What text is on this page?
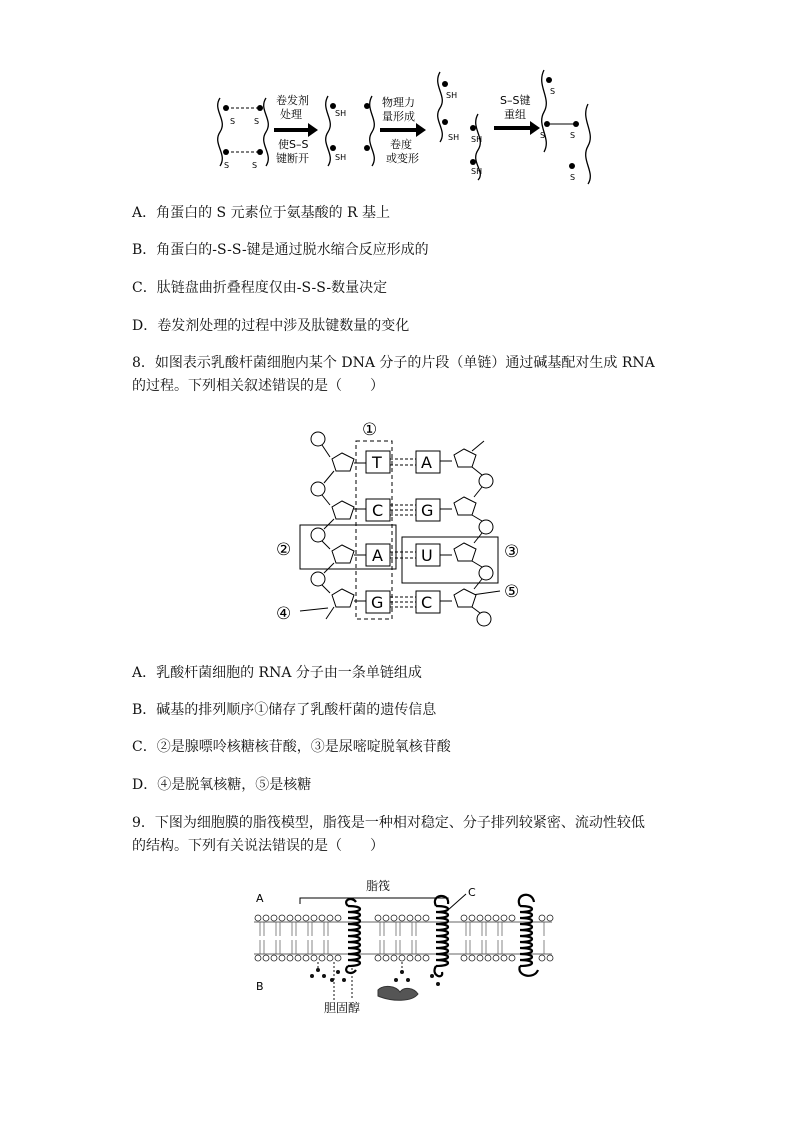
S S
S	S
卷发剂
处理
使S–S
键断开
SH
SH
物理力
量形成
卷度
或变形
SH
SH SH
SH
S–S键
重组
S
S	S
S
A．角蛋白的 S 元素位于氨基酸的 R 基上
B．角蛋白的-S-S-键是通过脱水缩合反应形成的
C．肽链盘曲折叠程度仅由-S-S-数量决定
D．卷发剂处理的过程中涉及肽键数量的变化
8．如图表示乳酸杆菌细胞内某个 DNA 分子的片段（单链）通过碱基配对生成 RNA
的过程。下列相关叙述错误的是（　　）
①
②	③
④
⑤
T
C
A
G
A
G
U
C
A．乳酸杆菌细胞的 RNA 分子由一条单链组成
B．碱基的排列顺序①储存了乳酸杆菌的遗传信息
C．②是腺嘌呤核糖核苷酸，③是尿嘧啶脱氧核苷酸
D．④是脱氧核糖，⑤是核糖
9．下图为细胞膜的脂筏模型，脂筏是一种相对稳定、分子排列较紧密、流动性较低
的结构。下列有关说法错误的是（　　）
A
B
脂筏	C
胆固醇
